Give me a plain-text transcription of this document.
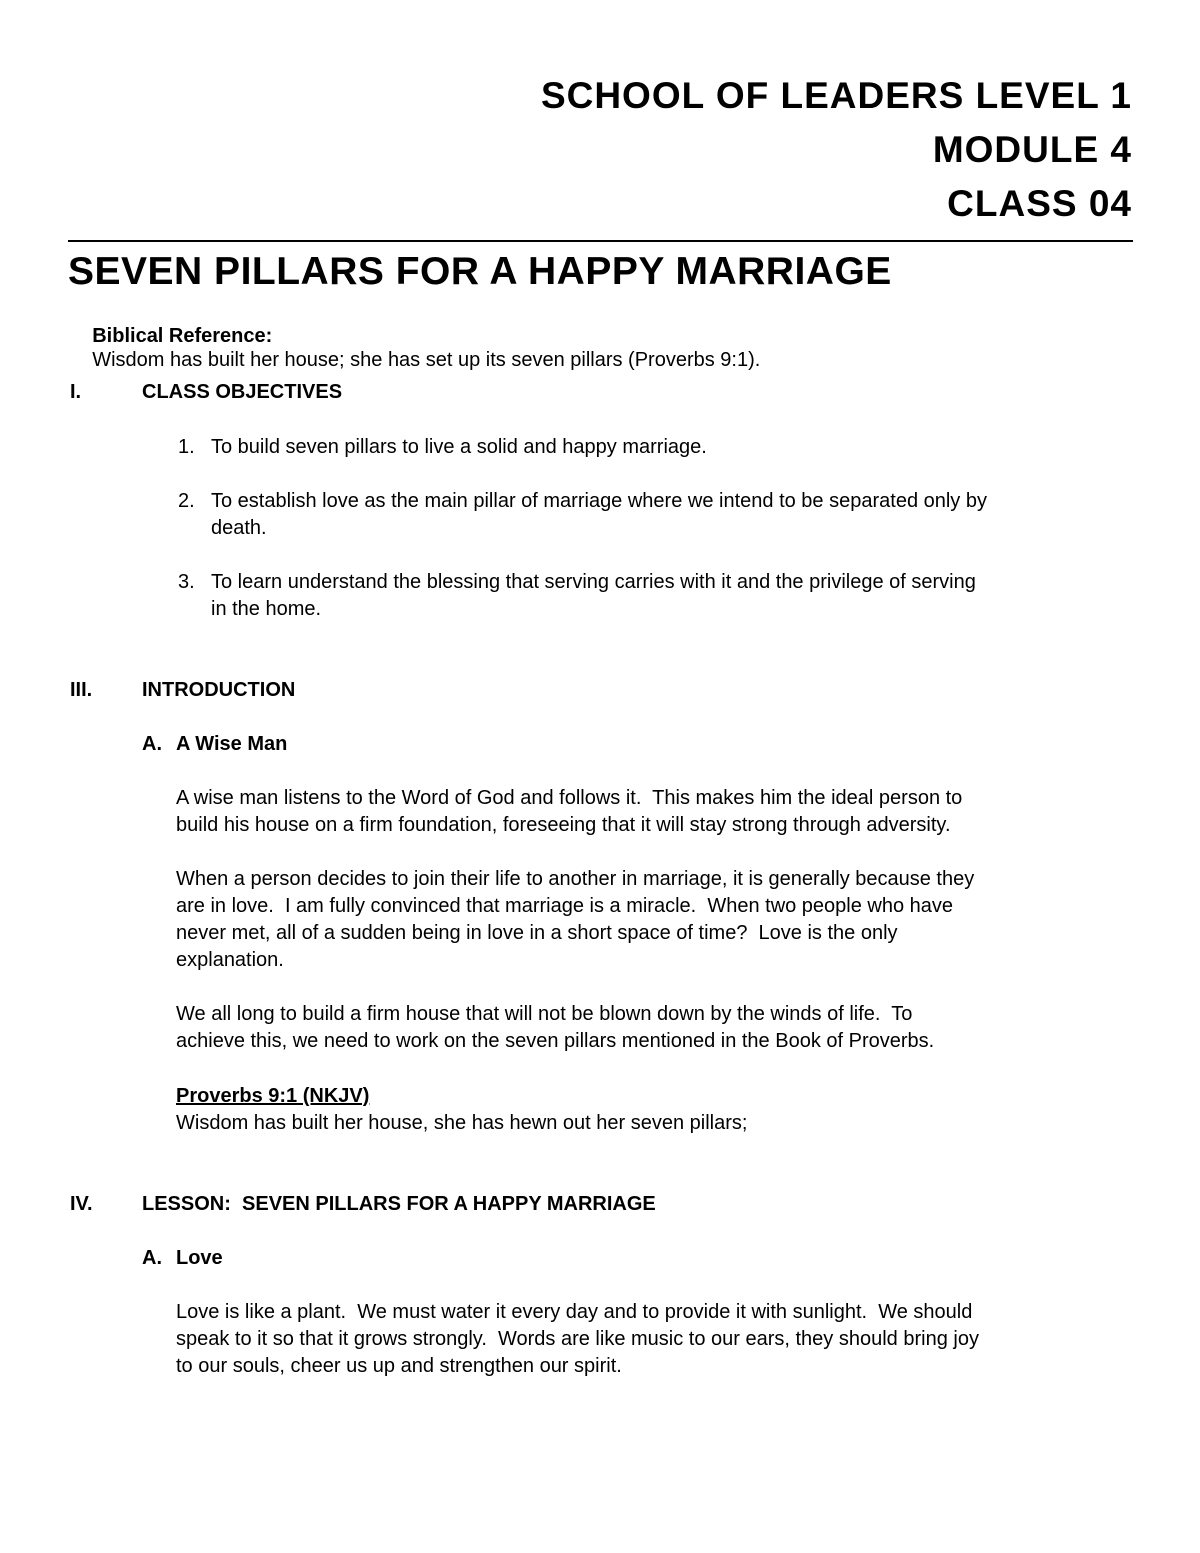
SCHOOL OF LEADERS LEVEL 1
MODULE 4
CLASS 04
SEVEN PILLARS FOR A HAPPY MARRIAGE

Biblical Reference:
Wisdom has built her house; she has set up its seven pillars (Proverbs 9:1).

I.	CLASS OBJECTIVES
1. To build seven pillars to live a solid and happy marriage.
2. To establish love as the main pillar of marriage where we intend to be separated only by
death.
3. To learn understand the blessing that serving carries with it and the privilege of serving
in the home.
III. INTRODUCTION
A. A Wise Man
A wise man listens to the Word of God and follows it.  This makes him the ideal person to
build his house on a firm foundation, foreseeing that it will stay strong through adversity.
When a person decides to join their life to another in marriage, it is generally because they
are in love.  I am fully convinced that marriage is a miracle.  When two people who have
never met, all of a sudden being in love in a short space of time?  Love is the only
explanation.
We all long to build a firm house that will not be blown down by the winds of life.  To
achieve this, we need to work on the seven pillars mentioned in the Book of Proverbs.
Proverbs 9:1 (NKJV)
Wisdom has built her house, she has hewn out her seven pillars;
IV. LESSON:  SEVEN PILLARS FOR A HAPPY MARRIAGE
A. Love
Love is like a plant.  We must water it every day and to provide it with sunlight.  We should
speak to it so that it grows strongly.  Words are like music to our ears, they should bring joy
to our souls, cheer us up and strengthen our spirit.
